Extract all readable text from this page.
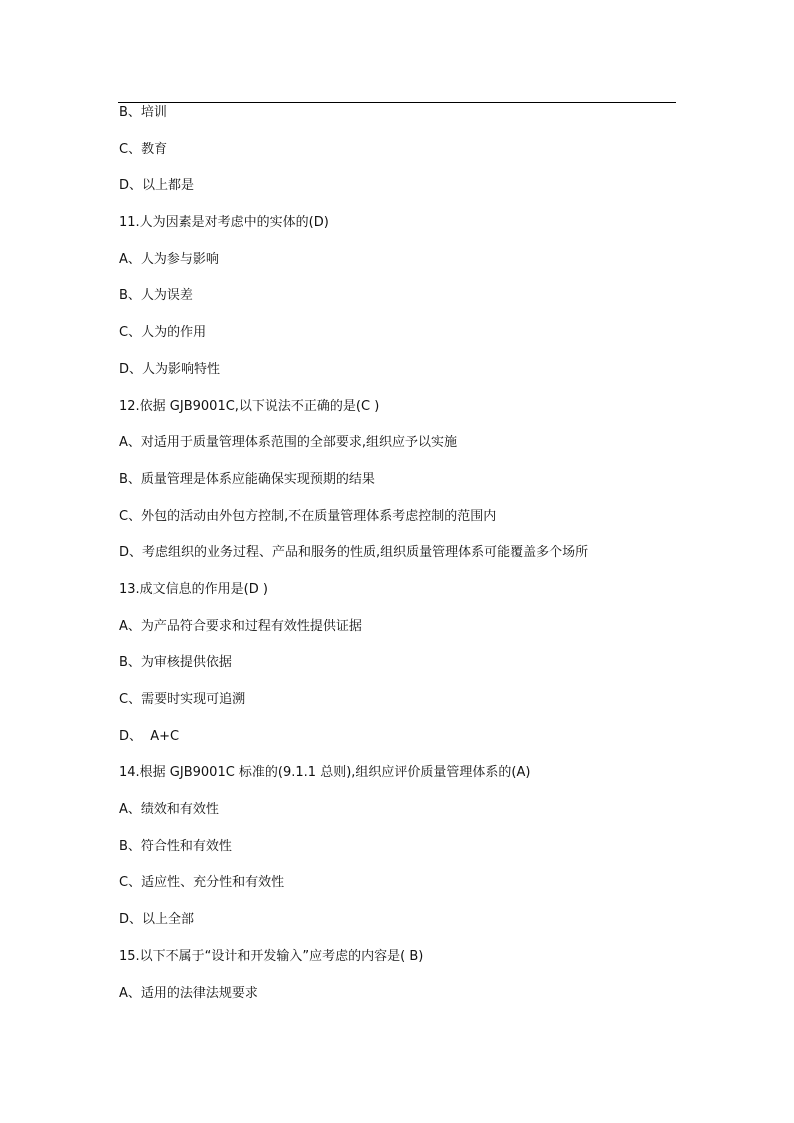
B、培训
C、教育
D、以上都是
11.人为因素是对考虑中的实体的(D)
A、人为参与影响
B、人为误差
C、人为的作用
D、人为影响特性
12.依据 GJB9001C,以下说法不正确的是(C )
A、对适用于质量管理体系范围的全部要求,组织应予以实施
B、质量管理是体系应能确保实现预期的结果
C、外包的活动由外包方控制,不在质量管理体系考虑控制的范围内
D、考虑组织的业务过程、产品和服务的性质,组织质量管理体系可能覆盖多个场所
13.成文信息的作用是(D )
A、为产品符合要求和过程有效性提供证据
B、为审核提供依据
C、需要时实现可追溯
D、  A+C
14.根据 GJB9001C 标准的(9.1.1 总则),组织应评价质量管理体系的(A)
A、绩效和有效性
B、符合性和有效性
C、适应性、充分性和有效性
D、以上全部
15.以下不属于“设计和开发输入”应考虑的内容是( B)
A、适用的法律法规要求
